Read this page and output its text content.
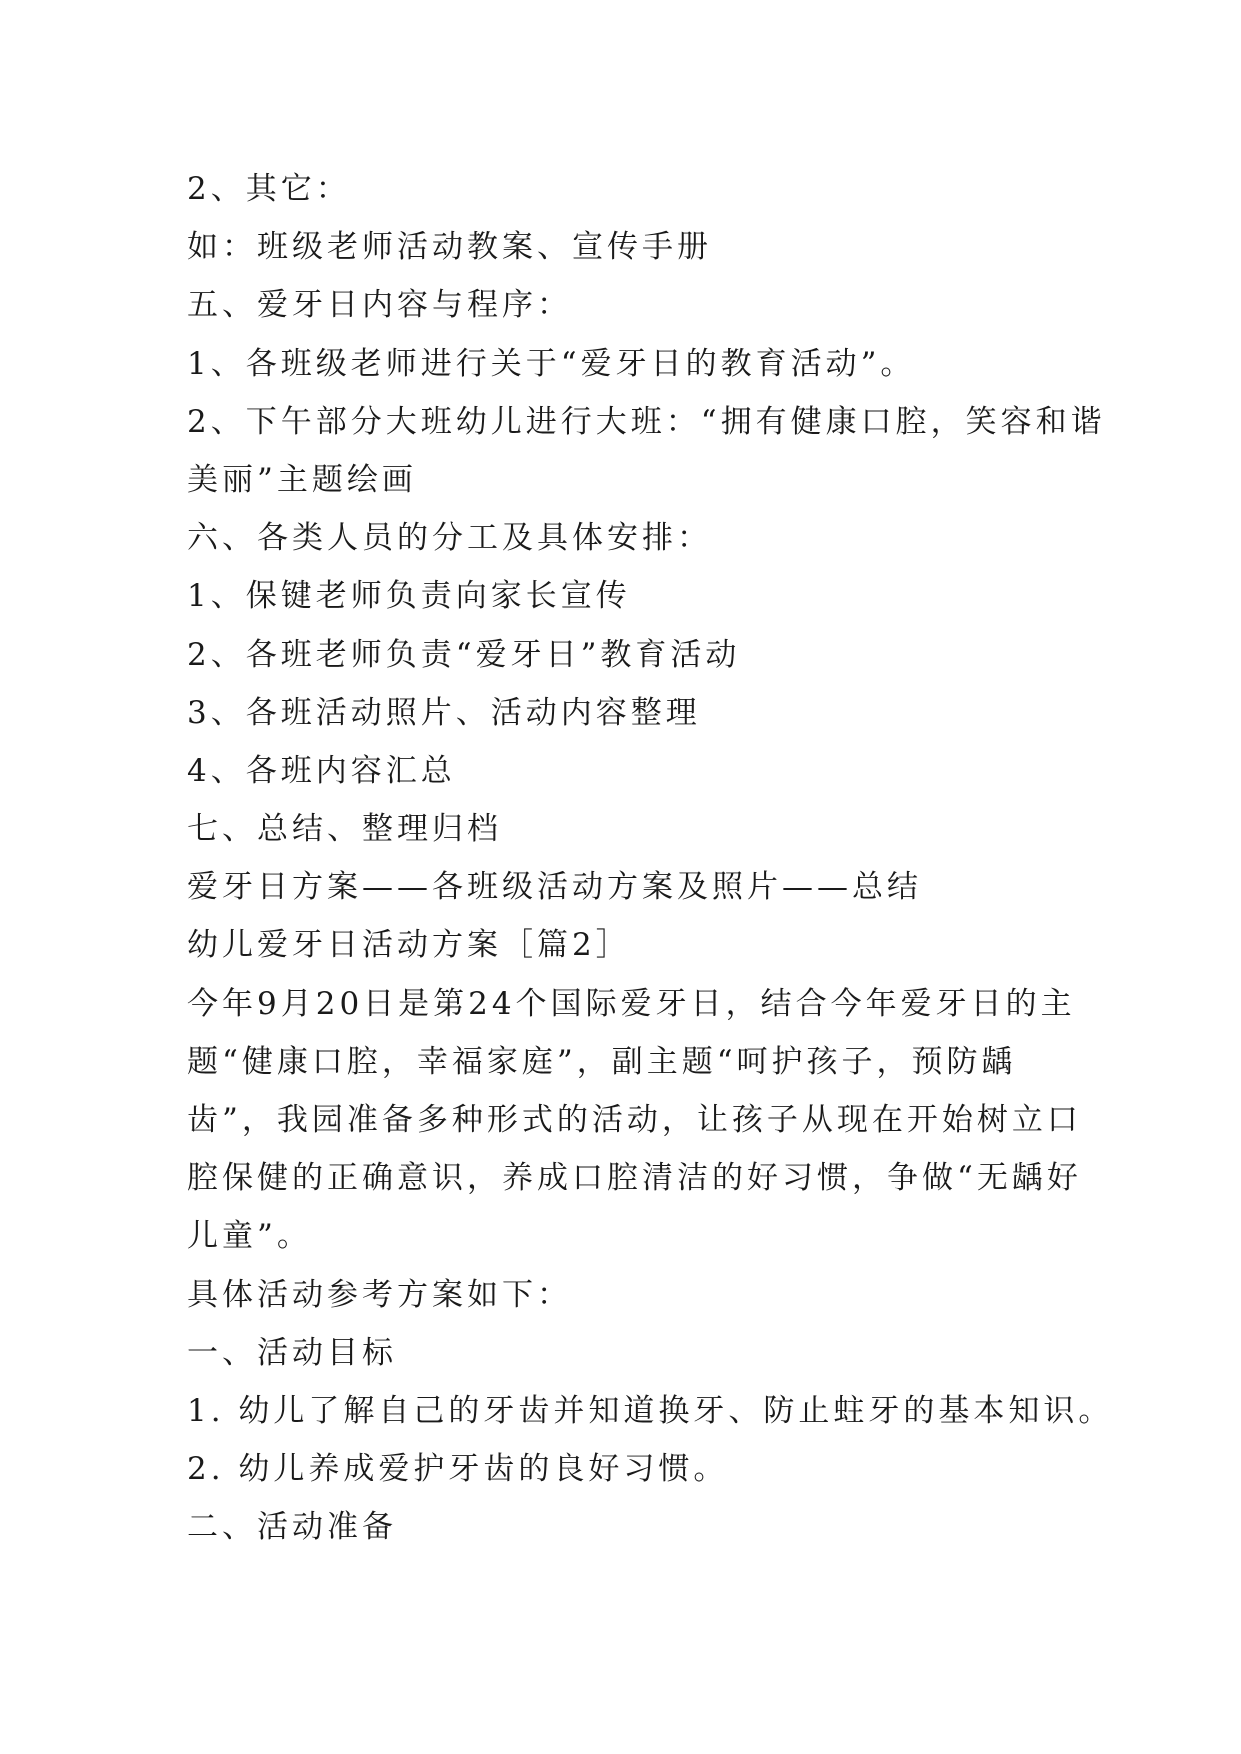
2、其它：
如：班级老师活动教案、宣传手册
五、爱牙日内容与程序：
1、各班级老师进行关于“爱牙日的教育活动”。
2、下午部分大班幼儿进行大班：“拥有健康口腔，笑容和谐
美丽”主题绘画
六、各类人员的分工及具体安排：
1、保键老师负责向家长宣传
2、各班老师负责“爱牙日”教育活动
3、各班活动照片、活动内容整理
4、各班内容汇总
七、总结、整理归档
爱牙日方案——各班级活动方案及照片——总结
幼儿爱牙日活动方案［篇2］
今年9月20日是第24个国际爱牙日，结合今年爱牙日的主
题“健康口腔，幸福家庭”，副主题“呵护孩子，预防龋
齿”，我园准备多种形式的活动，让孩子从现在开始树立口
腔保健的正确意识，养成口腔清洁的好习惯，争做“无龋好
儿童”。
具体活动参考方案如下：
一、活动目标
1. 幼儿了解自己的牙齿并知道换牙、防止蛀牙的基本知识。
2. 幼儿养成爱护牙齿的良好习惯。
二、活动准备
